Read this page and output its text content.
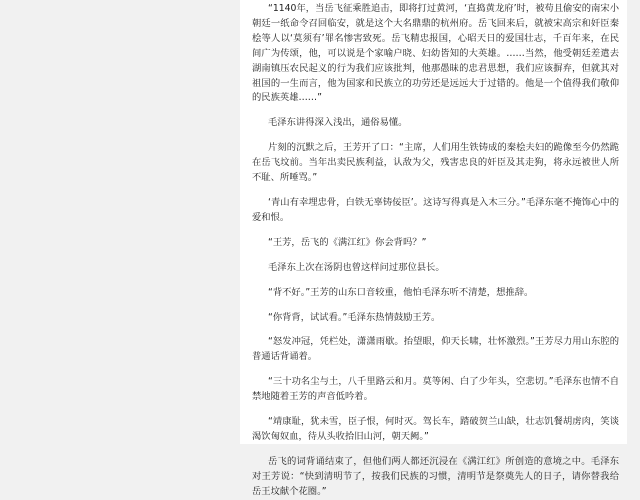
“1140年，当岳飞征乘胜追击，即将打过黄河，‘直捣黄龙府’时，被苟且偷安的南宋小朝廷一纸命令召回临安，就是这个大名鼎鼎的杭州府。岳飞回来后，就被宋高宗和奸臣秦桧等人以‘莫须有’罪名惨害致死。岳飞精忠报国，心昭天日的爱国壮志，千百年来，在民间广为传颂，他，可以说是个家喻户晓、妇幼皆知的大英雄。……当然，他受朝廷差遣去湖南镇压农民起义的行为我们应该批判，他那愚昧的忠君思想，我们应该摒弃，但就其对祖国的一生而言，他为国家和民族立的功劳还是远远大于过错的。他是一个值得我们敬仰的民族英雄……”

毛泽东讲得深入浅出，通俗易懂。

片刻的沉默之后，王芳开了口：“主席，人们用生铁铸成的秦桧夫妇的跪像至今仍然跪在岳飞坟前。当年出卖民族利益，认敌为父，残害忠良的奸臣及其走狗，将永远被世人所不耻、所唾骂。”

‘青山有幸埋忠骨，白铁无辜铸佞臣’。这诗写得真是入木三分。”毛泽东毫不掩饰心中的爱和恨。

“王芳，岳飞的《满江红》你会背吗？”

毛泽东上次在汤阴也曾这样问过那位县长。

“背不好。”王芳的山东口音较重，他怕毛泽东听不清楚，想推辞。

“你背背，试试看。”毛泽东热情鼓励王芳。

“怒发冲冠，凭栏处，潇潇雨歇。抬望眼，仰天长啸，壮怀激烈。”王芳尽力用山东腔的普通话背诵着。

“三十功名尘与土，八千里路云和月。莫等闲、白了少年头，空悲切。”毛泽东也情不自禁地随着王芳的声音低吟着。

“靖康耻，犹未雪，臣子恨，何时灭。驾长车，踏破贺兰山缺，壮志饥餐胡虏肉，笑谈渴饮匈奴血，待从头收拾旧山河，朝天阙。”

岳飞的词背诵结束了，但他们两人都还沉浸在《满江红》所创造的意境之中。毛泽东对王芳说：“快到清明节了，按我们民族的习惯，清明节是祭奠先人的日子，请你替我给岳王坟献个花圈。”
